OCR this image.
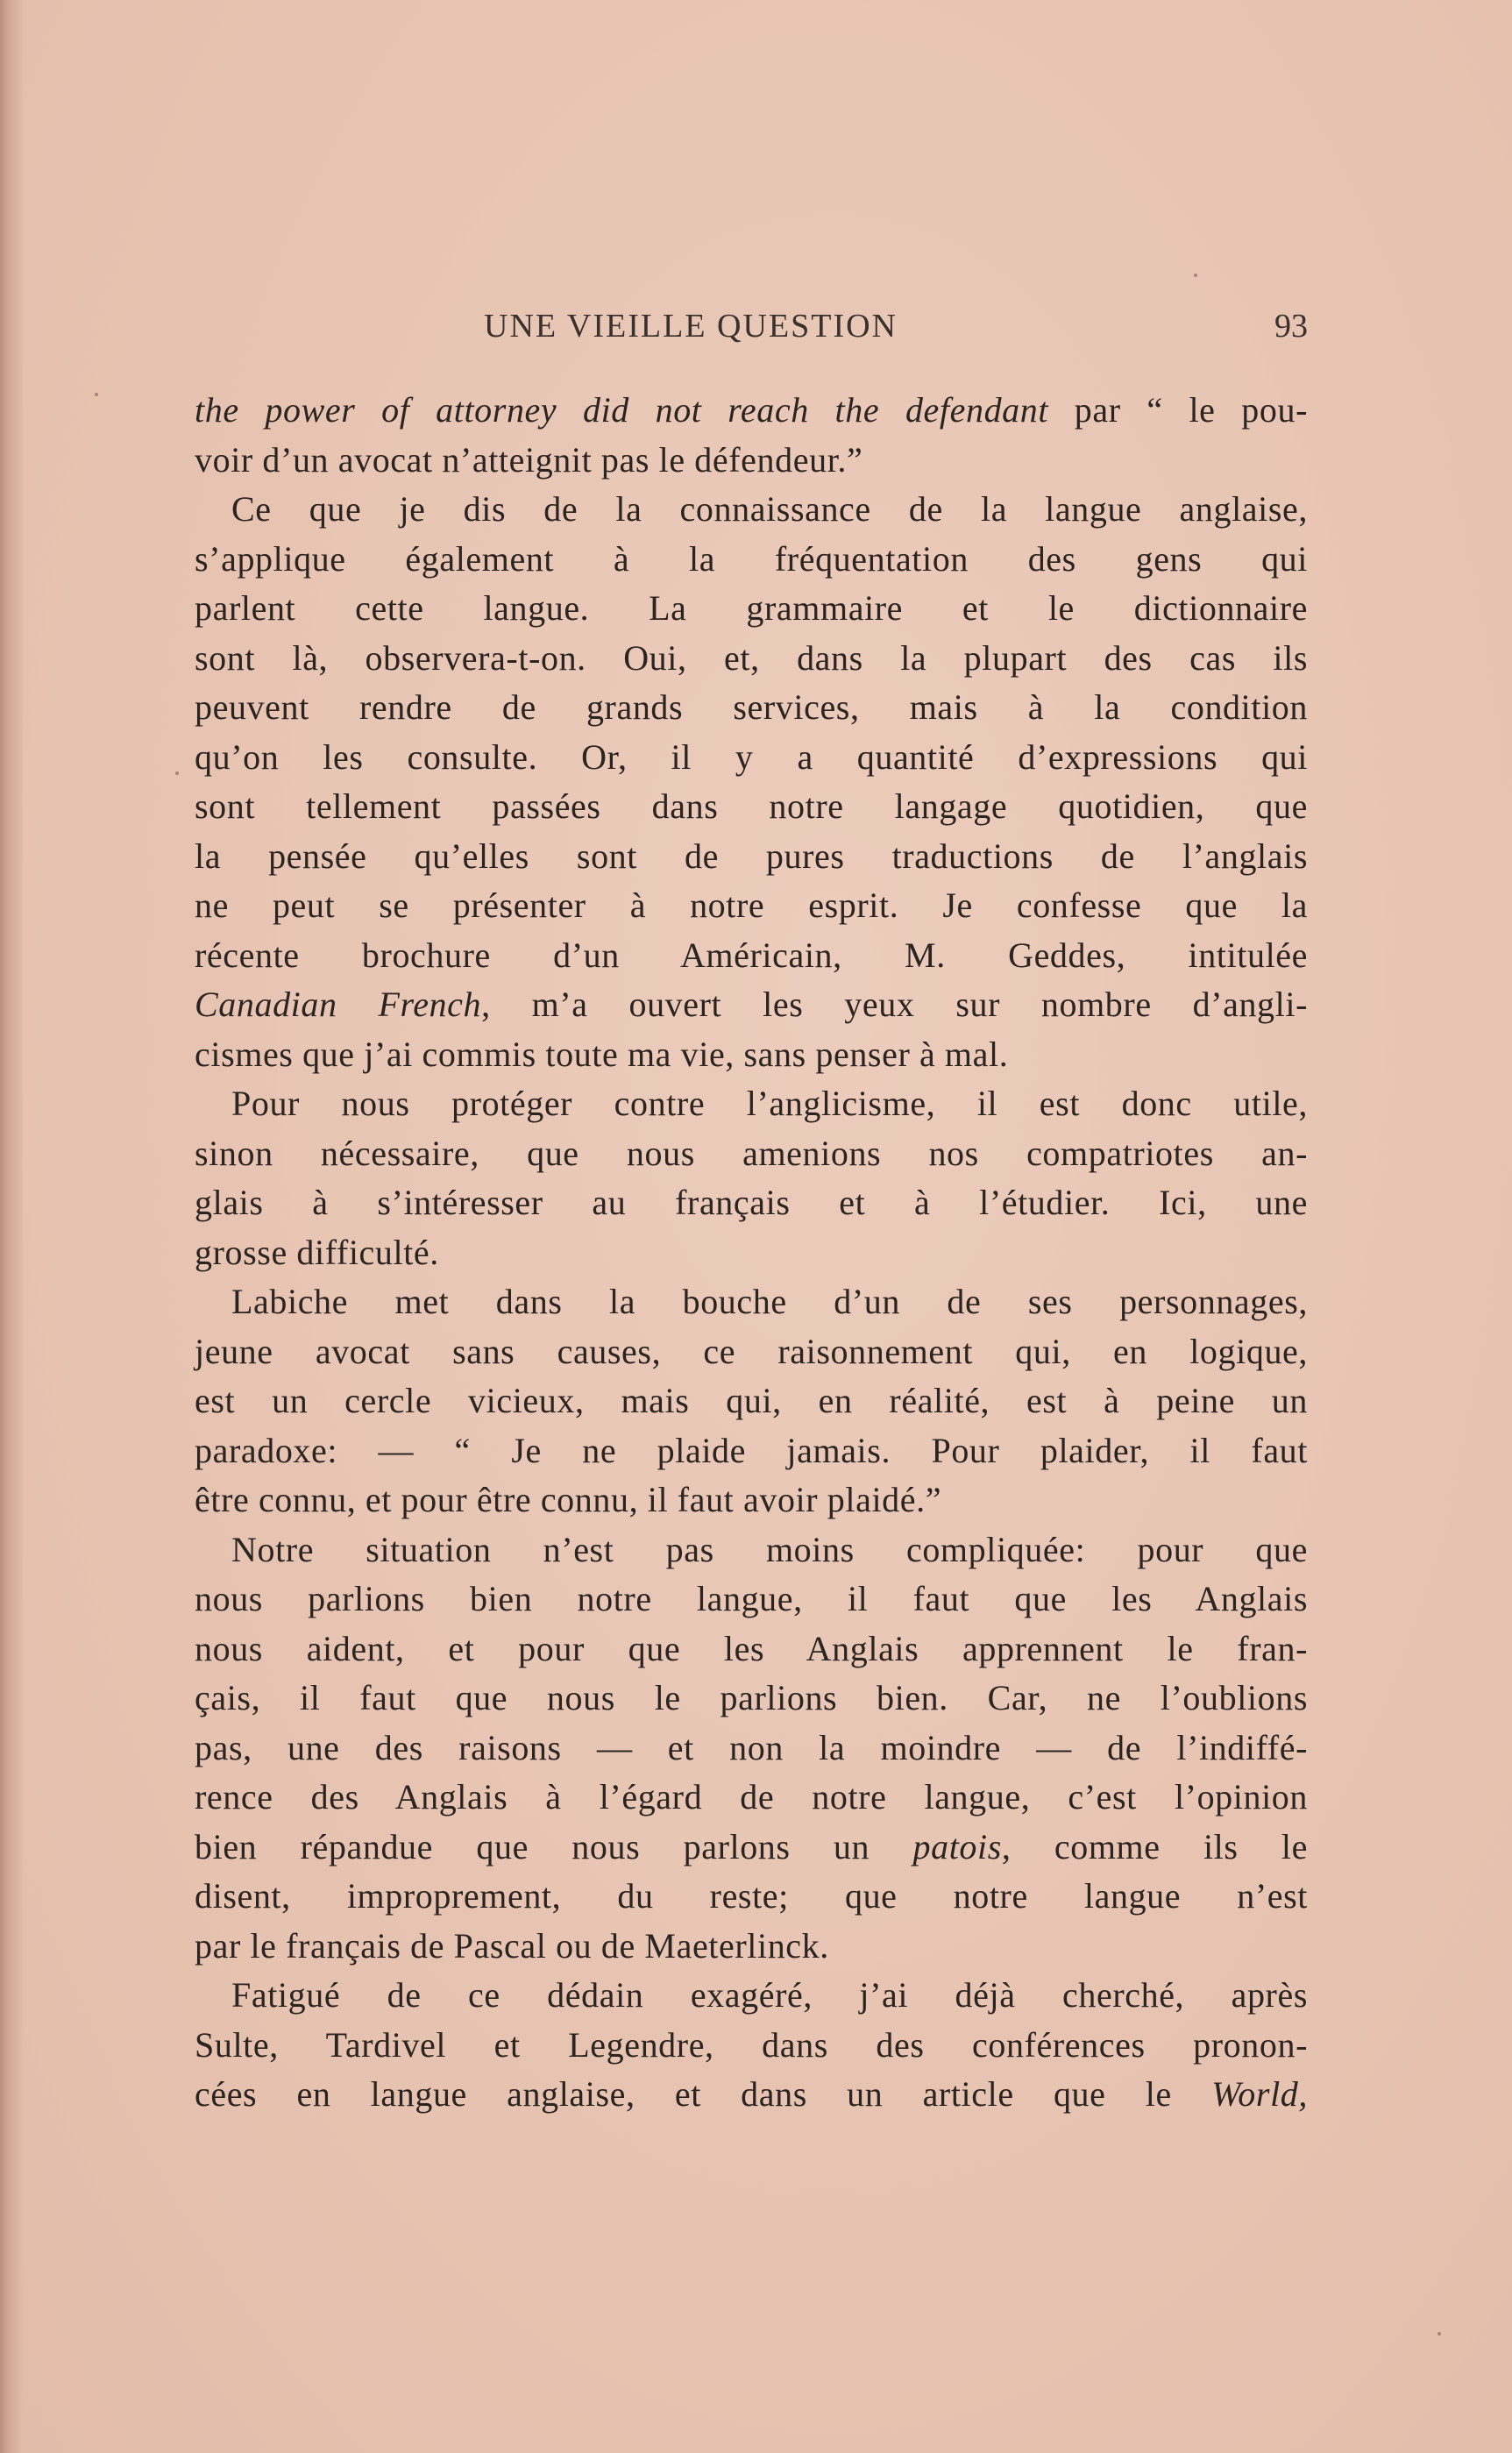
UNE VIEILLE QUESTION	93
the power of attorney did not reach the defendant par “ le pou-
voir d’un avocat n’atteignit pas le défendeur.”
Ce que je dis de la connaissance de la langue anglaise,
s’applique également à la fréquentation des gens qui
parlent cette langue. La grammaire et le dictionnaire
sont là, observera-t-on. Oui, et, dans la plupart des cas ils
peuvent rendre de grands services, mais à la condition
qu’on les consulte. Or, il y a quantité d’expressions qui
sont tellement passées dans notre langage quotidien, que
la pensée qu’elles sont de pures traductions de l’anglais
ne peut se présenter à notre esprit. Je confesse que la
récente brochure d’un Américain, M. Geddes, intitulée
Canadian French, m’a ouvert les yeux sur nombre d’angli-
cismes que j’ai commis toute ma vie, sans penser à mal.
Pour nous protéger contre l’anglicisme, il est donc utile,
sinon nécessaire, que nous amenions nos compatriotes an-
glais à s’intéresser au français et à l’étudier. Ici, une
grosse difficulté.
Labiche met dans la bouche d’un de ses personnages,
jeune avocat sans causes, ce raisonnement qui, en logique,
est un cercle vicieux, mais qui, en réalité, est à peine un
paradoxe: — “ Je ne plaide jamais. Pour plaider, il faut
être connu, et pour être connu, il faut avoir plaidé.”
Notre situation n’est pas moins compliquée: pour que
nous parlions bien notre langue, il faut que les Anglais
nous aident, et pour que les Anglais apprennent le fran-
çais, il faut que nous le parlions bien. Car, ne l’oublions
pas, une des raisons — et non la moindre — de l’indiffé-
rence des Anglais à l’égard de notre langue, c’est l’opinion
bien répandue que nous parlons un patois, comme ils le
disent, improprement, du reste; que notre langue n’est
par le français de Pascal ou de Maeterlinck.
Fatigué de ce dédain exagéré, j’ai déjà cherché, après
Sulte, Tardivel et Legendre, dans des conférences pronon-
cées en langue anglaise, et dans un article que le World,
